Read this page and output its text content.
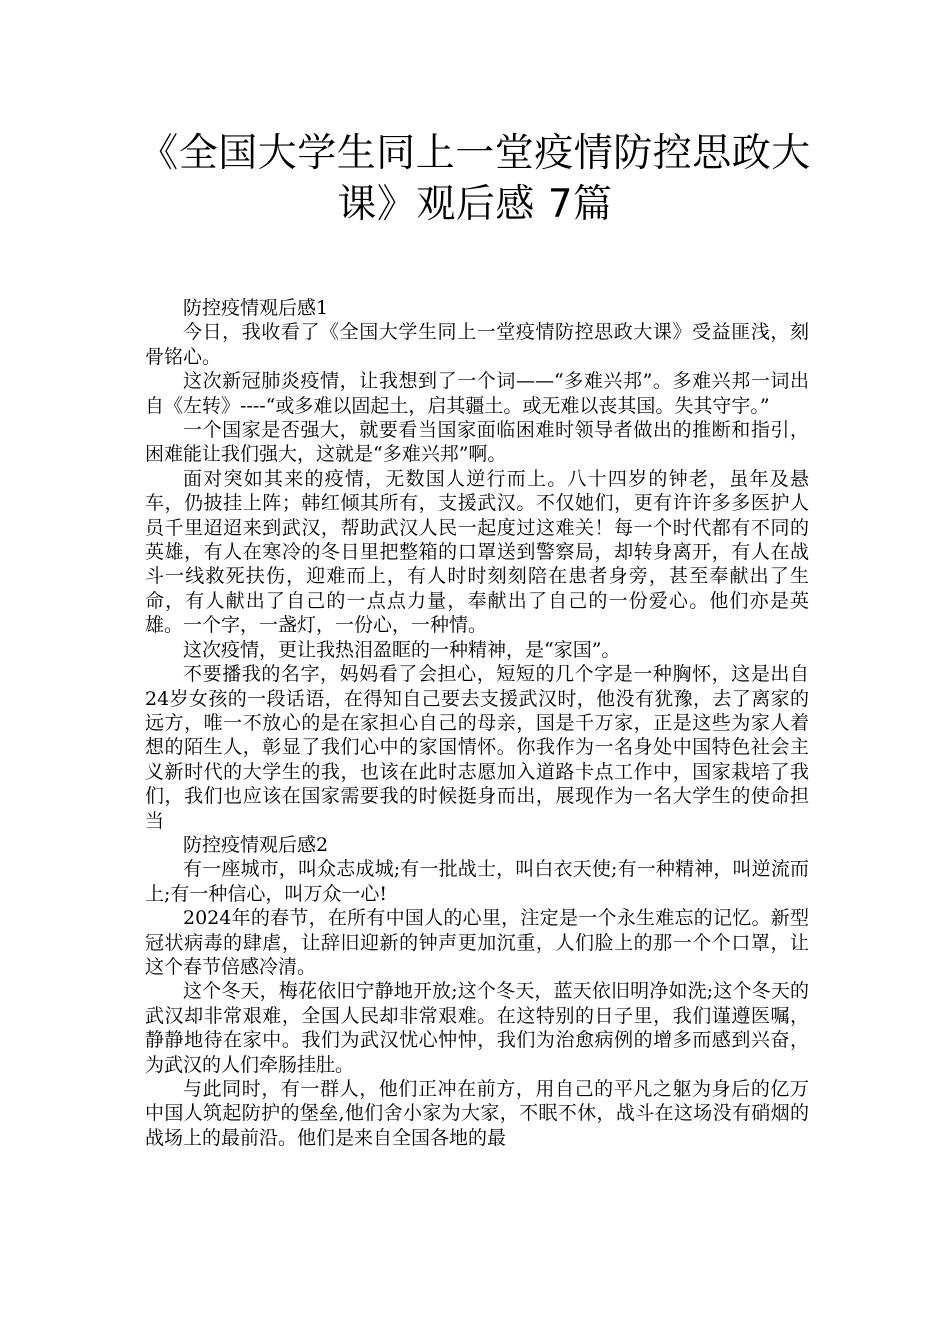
《全国大学生同上一堂疫情防控思政大课》观后感 7篇

防控疫情观后感1

今日，我收看了《全国大学生同上一堂疫情防控思政大课》受益匪浅，刻骨铭心。

这次新冠肺炎疫情，让我想到了一个词——“多难兴邦”。多难兴邦一词出自《左转》----“或多难以固起土，启其疆土。或无难以丧其国。失其守宇。”

一个国家是否强大，就要看当国家面临困难时领导者做出的推断和指引，困难能让我们强大，这就是“多难兴邦”啊。

面对突如其来的疫情，无数国人逆行而上。八十四岁的钟老，虽年及悬车，仍披挂上阵；韩红倾其所有，支援武汉。不仅她们，更有许许多多医护人员千里迢迢来到武汉，帮助武汉人民一起度过这难关！每一个时代都有不同的英雄，有人在寒冷的冬日里把整箱的口罩送到警察局，却转身离开，有人在战斗一线救死扶伤，迎难而上，有人时时刻刻陪在患者身旁，甚至奉献出了生命，有人献出了自己的一点点力量，奉献出了自己的一份爱心。他们亦是英雄。一个字，一盏灯，一份心，一种情。

这次疫情，更让我热泪盈眶的一种精神，是“家国”。

不要播我的名字，妈妈看了会担心，短短的几个字是一种胸怀，这是出自24岁女孩的一段话语，在得知自己要去支援武汉时，他没有犹豫，去了离家的远方，唯一不放心的是在家担心自己的母亲，国是千万家，正是这些为家人着想的陌生人，彰显了我们心中的家国情怀。你我作为一名身处中国特色社会主义新时代的大学生的我，也该在此时志愿加入道路卡点工作中，国家栽培了我们，我们也应该在国家需要我的时候挺身而出，展现作为一名大学生的使命担当

防控疫情观后感2

有一座城市，叫众志成城;有一批战士，叫白衣天使;有一种精神，叫逆流而上;有一种信心，叫万众一心!

2024年的春节，在所有中国人的心里，注定是一个永生难忘的记忆。新型冠状病毒的肆虐，让辞旧迎新的钟声更加沉重，人们脸上的那一个个口罩，让这个春节倍感冷清。

这个冬天，梅花依旧宁静地开放;这个冬天，蓝天依旧明净如洗;这个冬天的武汉却非常艰难，全国人民却非常艰难。在这特别的日子里，我们谨遵医嘱，静静地待在家中。我们为武汉忧心忡忡，我们为治愈病例的增多而感到兴奋，为武汉的人们牵肠挂肚。

与此同时，有一群人，他们正冲在前方，用自己的平凡之躯为身后的亿万中国人筑起防护的堡垒,他们舍小家为大家，不眠不休，战斗在这场没有硝烟的战场上的最前沿。他们是来自全国各地的最
